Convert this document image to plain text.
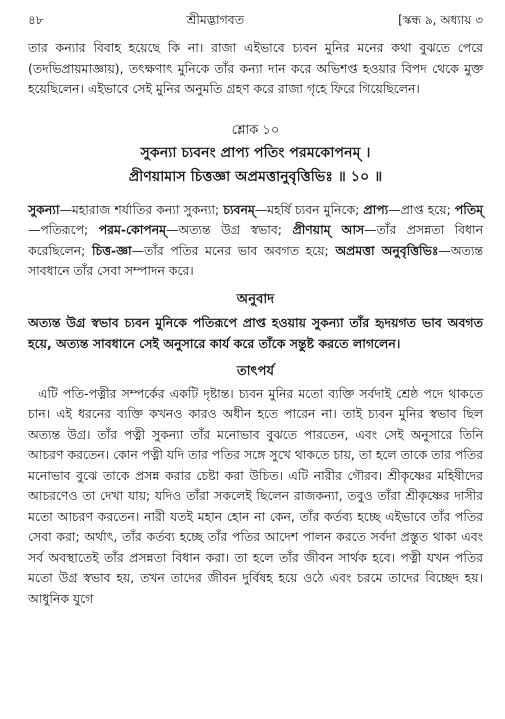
৪৮	শ্রীমদ্ভাগবত	[স্কন্ধ ৯, অধ্যায় ৩

তার কন্যার বিবাহ হয়েছে কি না। রাজা এইভাবে চ্যবন মুনির মনের কথা বুঝতে পেরে (তদভিপ্রায়মাজ্ঞায়), তৎক্ষণাৎ মুনিকে তাঁর কন্যা দান করে অভিশপ্ত হওয়ার বিপদ থেকে মুক্ত হয়েছিলেন। এইভাবে সেই মুনির অনুমতি গ্রহণ করে রাজা গৃহে ফিরে গিয়েছিলেন।

শ্লোক ১০
সুকন্যা চ্যবনং প্রাপ্য পতিং পরমকোপনম্ ।
প্রীণয়ামাস চিত্তজ্ঞা অপ্রমত্তানুবৃত্তিভিঃ ॥ ১০ ॥

সুকন্যা—মহারাজ শর্যাতির কন্যা সুকন্যা; চ্যবনম্—মহর্ষি চ্যবন মুনিকে; প্রাপ্য—প্রাপ্ত হয়ে; পতিম্—পতিরূপে; পরম-কোপনম্—অত্যন্ত উগ্র স্বভাব; প্রীণয়াম্ আস—তাঁর প্রসন্নতা বিধান করেছিলেন; চিত্ত-জ্ঞা—তাঁর পতির মনের ভাব অবগত হয়ে; অপ্রমত্তা অনুবৃত্তিভিঃ—অত্যন্ত সাবধানে তাঁর সেবা সম্পাদন করে।

অনুবাদ

অত্যন্ত উগ্র স্বভাব চ্যবন মুনিকে পতিরূপে প্রাপ্ত হওয়ায় সুকন্যা তাঁর হৃদয়গত ভাব অবগত হয়ে, অত্যন্ত সাবধানে সেই অনুসারে কার্য করে তাঁকে সন্তুষ্ট করতে লাগলেন।

তাৎপর্য

এটি পতি-পত্নীর সম্পর্কের একটি দৃষ্টান্ত। চ্যবন মুনির মতো ব্যক্তি সর্বদাই শ্রেষ্ঠ পদে থাকতে চান। এই ধরনের ব্যক্তি কখনও কারও অধীন হতে পারেন না। তাই চ্যবন মুনির স্বভাব ছিল অত্যন্ত উগ্র। তাঁর পত্নী সুকন্যা তাঁর মনোভাব বুঝতে পারতেন, এবং সেই অনুসারে তিনি আচরণ করতেন। কোন পত্নী যদি তার পতির সঙ্গে সুখে থাকতে চায়, তা হলে তাকে তার পতির মনোভাব বুঝে তাকে প্রসন্ন করার চেষ্টা করা উচিত। এটি নারীর গৌরব। শ্রীকৃষ্ণের মহিষীদের আচরণেও তা দেখা যায়; যদিও তাঁরা সকলেই ছিলেন রাজকন্যা, তবুও তাঁরা শ্রীকৃষ্ণের দাসীর মতো আচরণ করতেন। নারী যতই মহান হোন না কেন, তাঁর কর্তব্য হচ্ছে এইভাবে তাঁর পতির সেবা করা; অর্থাৎ, তাঁর কর্তব্য হচ্ছে তাঁর পতির আদেশ পালন করতে সর্বদা প্রস্তুত থাকা এবং সর্ব অবস্থাতেই তাঁর প্রসন্নতা বিধান করা। তা হলে তাঁর জীবন সার্থক হবে। পত্নী যখন পতির মতো উগ্র স্বভাব হয়, তখন তাদের জীবন দুর্বিষহ হয়ে ওঠে এবং চরমে তাদের বিচ্ছেদ হয়। আধুনিক যুগে
